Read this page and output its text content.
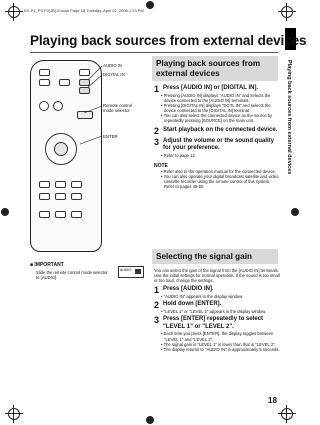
EX-P1_P5-P3[JB]-9.book Page 18 Tuesday, April 22, 2008 1:33 PM
Playing back sources from external devices
Playing back sources from external devices
AUDIO IN
DIGITAL IN
Remote control mode selector
ENTER
■ IMPORTANT
Slide the remote control mode selector to [AUDIO].
AUDIO
Playing back sources from external devices
1 Press [AUDIO IN] or [DIGITAL IN].
• Pressing [AUDIO IN] displays "AUDIO IN" and selects the device connected to the [AUDIO IN] terminals.
• Pressing [DIGITAL IN] displays "DGTL IN" and selects the device connected to the [DIGITAL IN] terminal.
• You can also select the connected device as the source by repeatedly pressing [SOURCE] on the main unit.
2 Start playback on the connected device.
3 Adjust the volume or the sound quality for your preference.
• Refer to page 12.
NOTE
• Refer also to the operation manual for the connected device.
• You can also operate your digital broadcast satellite and video cassette recorder using the remote control of this system. Refer to pages 48-50.
Selecting the signal gain
You can select the gain of the signal from the [AUDIO IN] terminals. Use the initial settings for normal operation. If the sound is too small or too loud, change the settings.
1 Press [AUDIO IN].
• "AUDIO IN" appears in the display window.
2 Hold down [ENTER].
• "LEVEL 1" or "LEVEL 2" appears in the display window.
3 Press [ENTER] repeatedly to select "LEVEL 1" or "LEVEL 2".
• Each time you press [ENTER], the display toggles between "LEVEL 1" and "LEVEL 2".
• The signal gain in "LEVEL 1" is lower than that in "LEVEL 2".
• The display returns to "AUDIO IN" in approximately 5 seconds.
18
